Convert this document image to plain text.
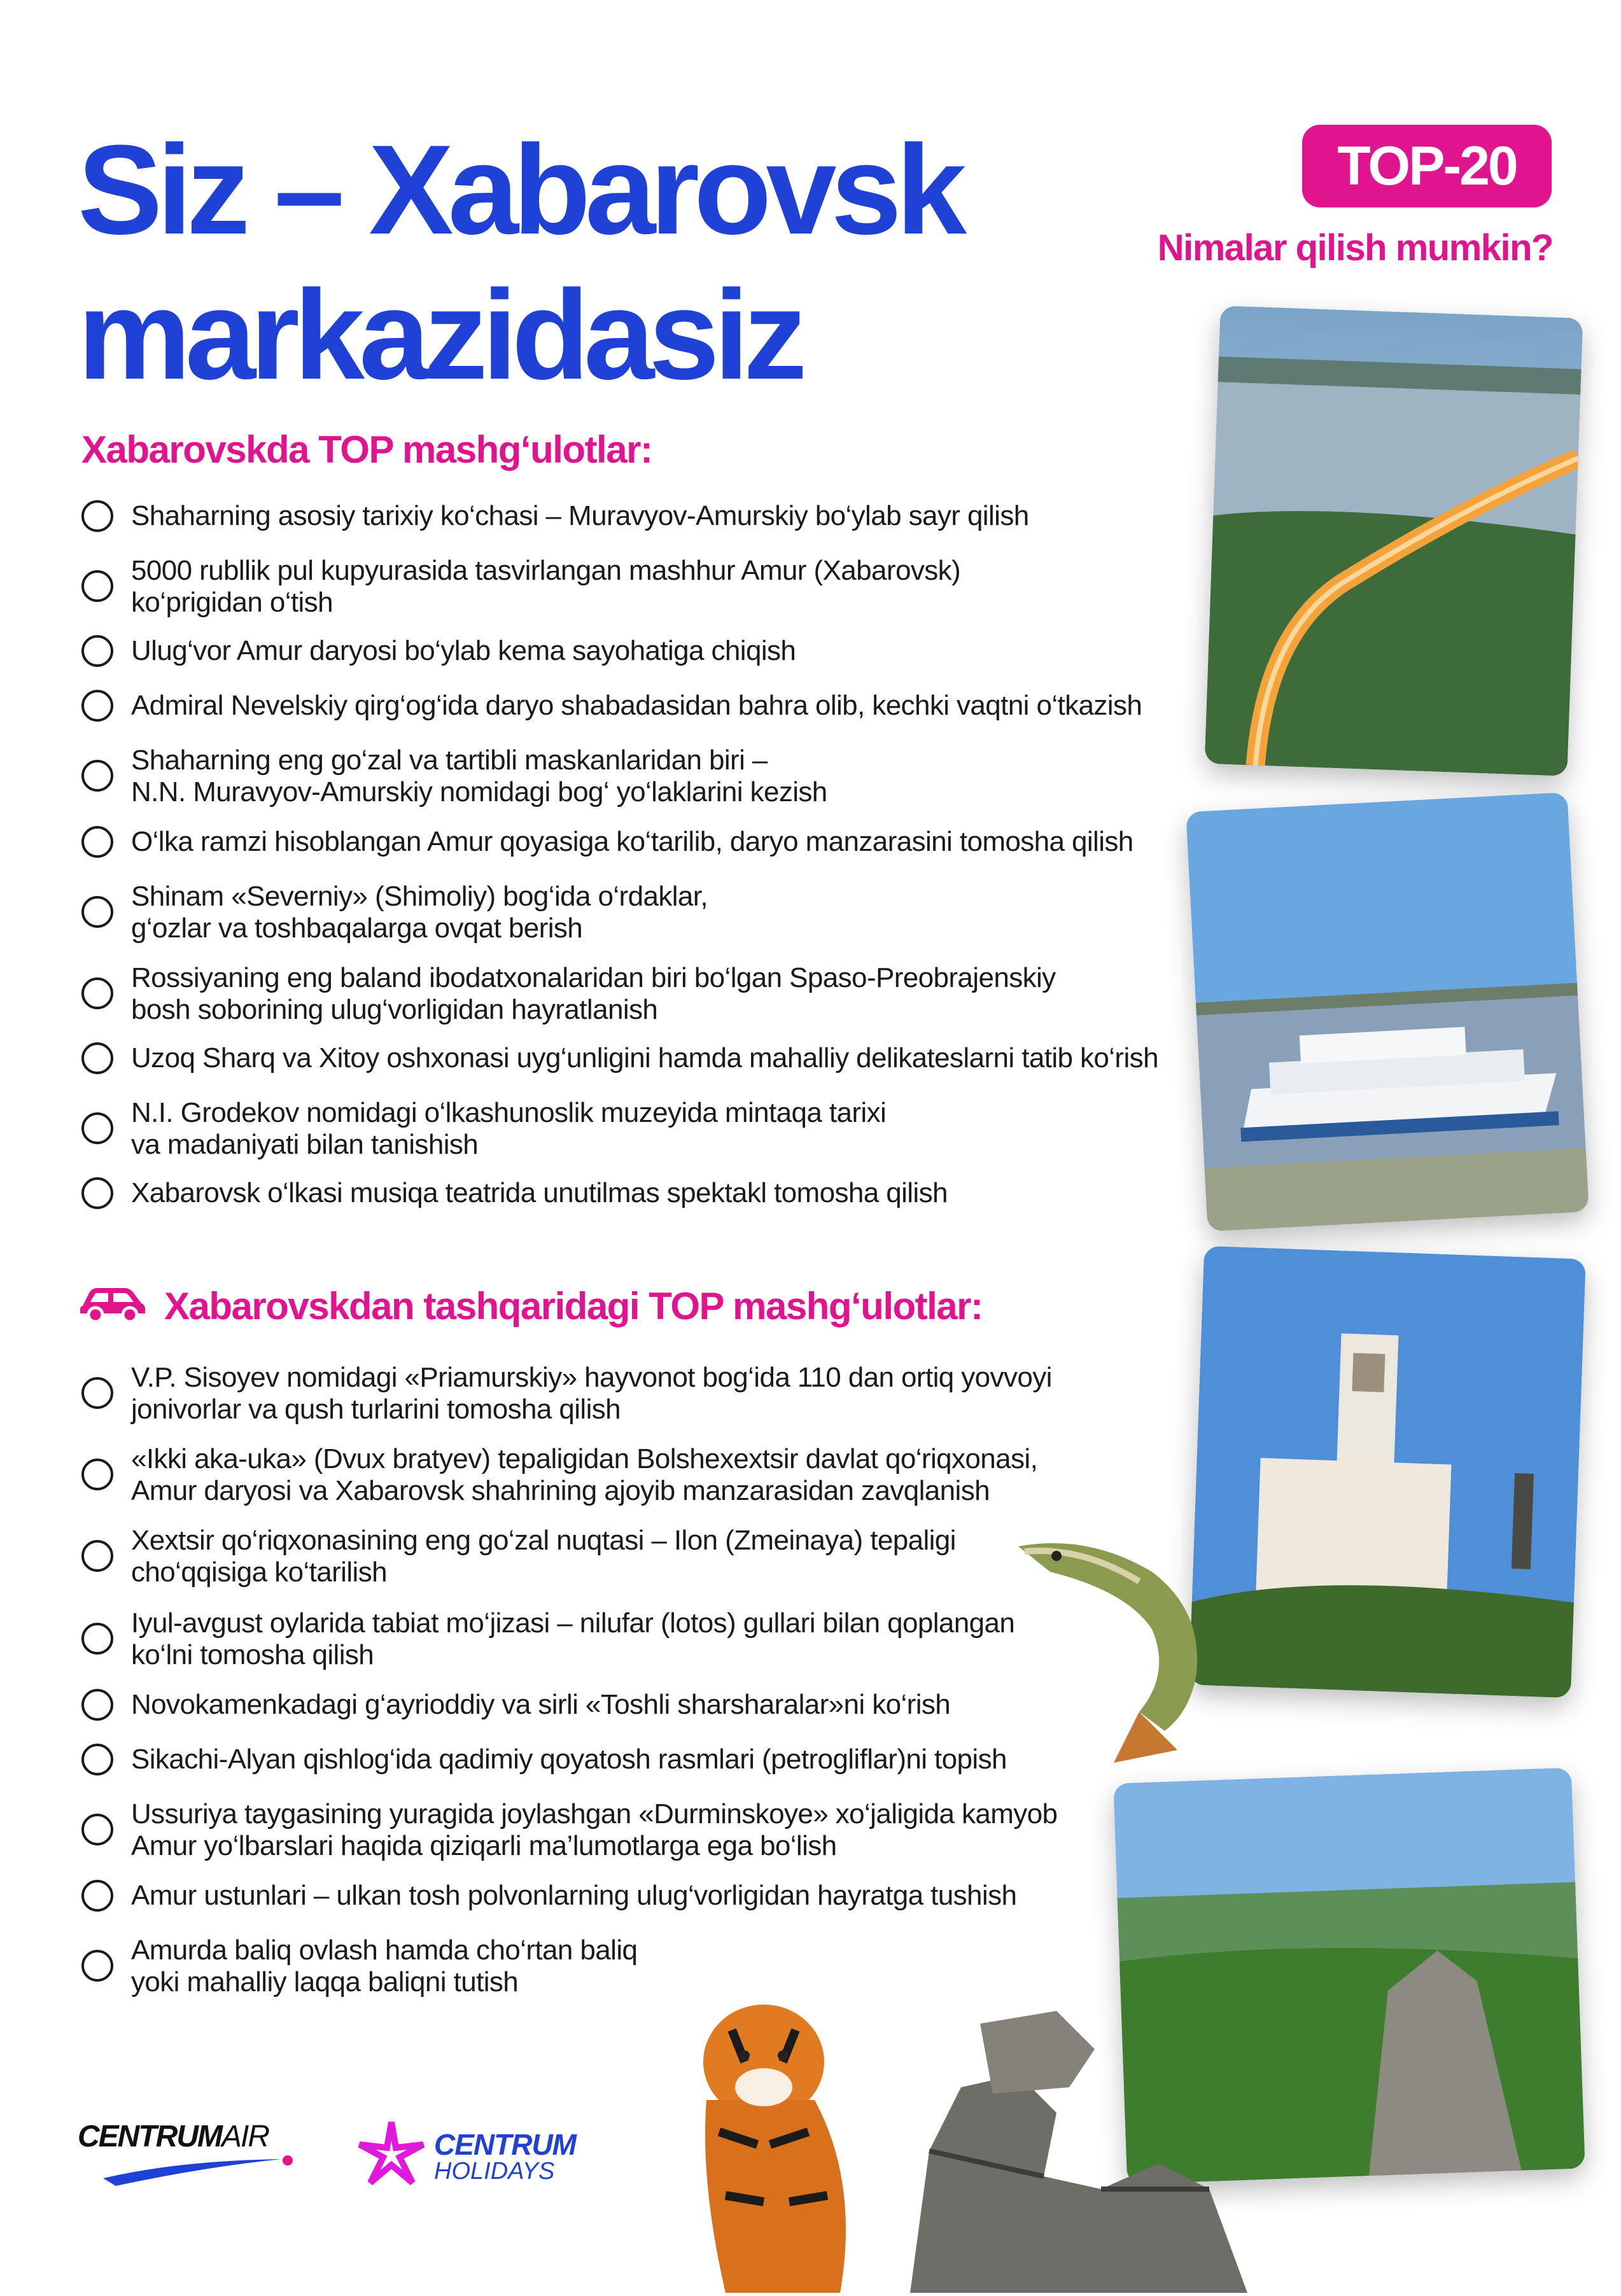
Siz – Xabarovsk
markazidasiz
TOP-20
Nimalar qilish mumkin?
Xabarovskda TOP mashg‘ulotlar:
Shaharning asosiy tarixiy ko‘chasi – Muravyov-Amurskiy bo‘ylab sayr qilish
5000 rubllik pul kupyurasida tasvirlangan mashhur Amur (Xabarovsk)
ko‘prigidan o‘tish
Ulug‘vor Amur daryosi bo‘ylab kema sayohatiga chiqish
Admiral Nevelskiy qirg‘og‘ida daryo shabadasidan bahra olib, kechki vaqtni o‘tkazish
Shaharning eng go‘zal va tartibli maskanlaridan biri –
N.N. Muravyov-Amurskiy nomidagi bog‘ yo‘laklarini kezish
O‘lka ramzi hisoblangan Amur qoyasiga ko‘tarilib, daryo manzarasini tomosha qilish
Shinam «Severniy» (Shimoliy) bog‘ida o‘rdaklar,
g‘ozlar va toshbaqalarga ovqat berish
Rossiyaning eng baland ibodatxonalaridan biri bo‘lgan Spaso-Preobrajenskiy
bosh soborining ulug‘vorligidan hayratlanish
Uzoq Sharq va Xitoy oshxonasi uyg‘unligini hamda mahalliy delikateslarni tatib ko‘rish
N.I. Grodekov nomidagi o‘lkashunoslik muzeyida mintaqa tarixi
va madaniyati bilan tanishish
Xabarovsk o‘lkasi musiqa teatrida unutilmas spektakl tomosha qilish
Xabarovskdan tashqaridagi TOP mashg‘ulotlar:
V.P. Sisoyev nomidagi «Priamurskiy» hayvonot bog‘ida 110 dan ortiq yovvoyi
jonivorlar va qush turlarini tomosha qilish
«Ikki aka-uka» (Dvux bratyev) tepaligidan Bolshexextsir davlat qo‘riqxonasi,
Amur daryosi va Xabarovsk shahrining ajoyib manzarasidan zavqlanish
Xextsir qo‘riqxonasining eng go‘zal nuqtasi – Ilon (Zmeinaya) tepaligi
cho‘qqisiga ko‘tarilish
Iyul-avgust oylarida tabiat mo‘jizasi – nilufar (lotos) gullari bilan qoplangan
ko‘lni tomosha qilish
Novokamenkadagi g‘ayrioddiy va sirli «Toshli sharsharalar»ni ko‘rish
Sikachi-Alyan qishlog‘ida qadimiy qoyatosh rasmlari (petrogliflar)ni topish
Ussuriya taygasining yuragida joylashgan «Durminskoye» xo‘jaligida kamyob
Amur yo‘lbarslari haqida qiziqarli ma’lumotlarga ega bo‘lish
Amur ustunlari – ulkan tosh polvonlarning ulug‘vorligidan hayratga tushish
Amurda baliq ovlash hamda cho‘rtan baliq
yoki mahalliy laqqa baliqni tutish
CENTRUMAIR	CENTRUM
HOLIDAYS
